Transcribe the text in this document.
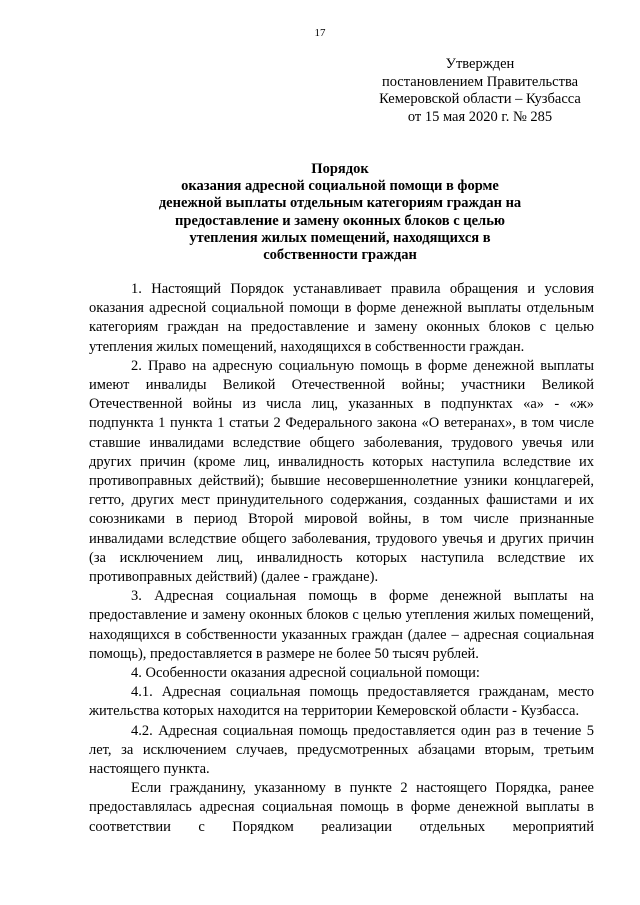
17
Утвержден
постановлением Правительства
Кемеровской области – Кузбасса
от 15 мая 2020 г. № 285
Порядок
оказания адресной социальной помощи в форме
денежной выплаты отдельным категориям граждан на
предоставление и замену оконных блоков с целью
утепления жилых помещений, находящихся в
собственности граждан

1. Настоящий Порядок устанавливает правила обращения и условия оказания адресной социальной помощи в форме денежной выплаты отдельным категориям граждан на предоставление и замену оконных блоков с целью утепления жилых помещений, находящихся в собственности граждан.

2. Право на адресную социальную помощь в форме денежной выплаты имеют инвалиды Великой Отечественной войны; участники Великой Отечественной войны из числа лиц, указанных в подпунктах «а» - «ж» подпункта 1 пункта 1 статьи 2 Федерального закона «О ветеранах», в том числе ставшие инвалидами вследствие общего заболевания, трудового увечья или других причин (кроме лиц, инвалидность которых наступила вследствие их противоправных действий); бывшие несовершеннолетние узники концлагерей, гетто, других мест принудительного содержания, созданных фашистами и их союзниками в период Второй мировой войны, в том числе признанные инвалидами вследствие общего заболевания, трудового увечья и других причин (за исключением лиц, инвалидность которых наступила вследствие их противоправных действий) (далее - граждане).

3. Адресная социальная помощь в форме денежной выплаты на предоставление и замену оконных блоков с целью утепления жилых помещений, находящихся в собственности указанных граждан (далее – адресная социальная помощь), предоставляется в размере не более 50 тысяч рублей.

4. Особенности оказания адресной социальной помощи:

4.1. Адресная социальная помощь предоставляется гражданам, место жительства которых находится на территории Кемеровской области - Кузбасса.

4.2. Адресная социальная помощь предоставляется один раз в течение 5 лет, за исключением случаев, предусмотренных абзацами вторым, третьим настоящего пункта.

Если гражданину, указанному в пункте 2 настоящего Порядка, ранее предоставлялась адресная социальная помощь в форме денежной выплаты в соответствии с Порядком реализации отдельных мероприятий
